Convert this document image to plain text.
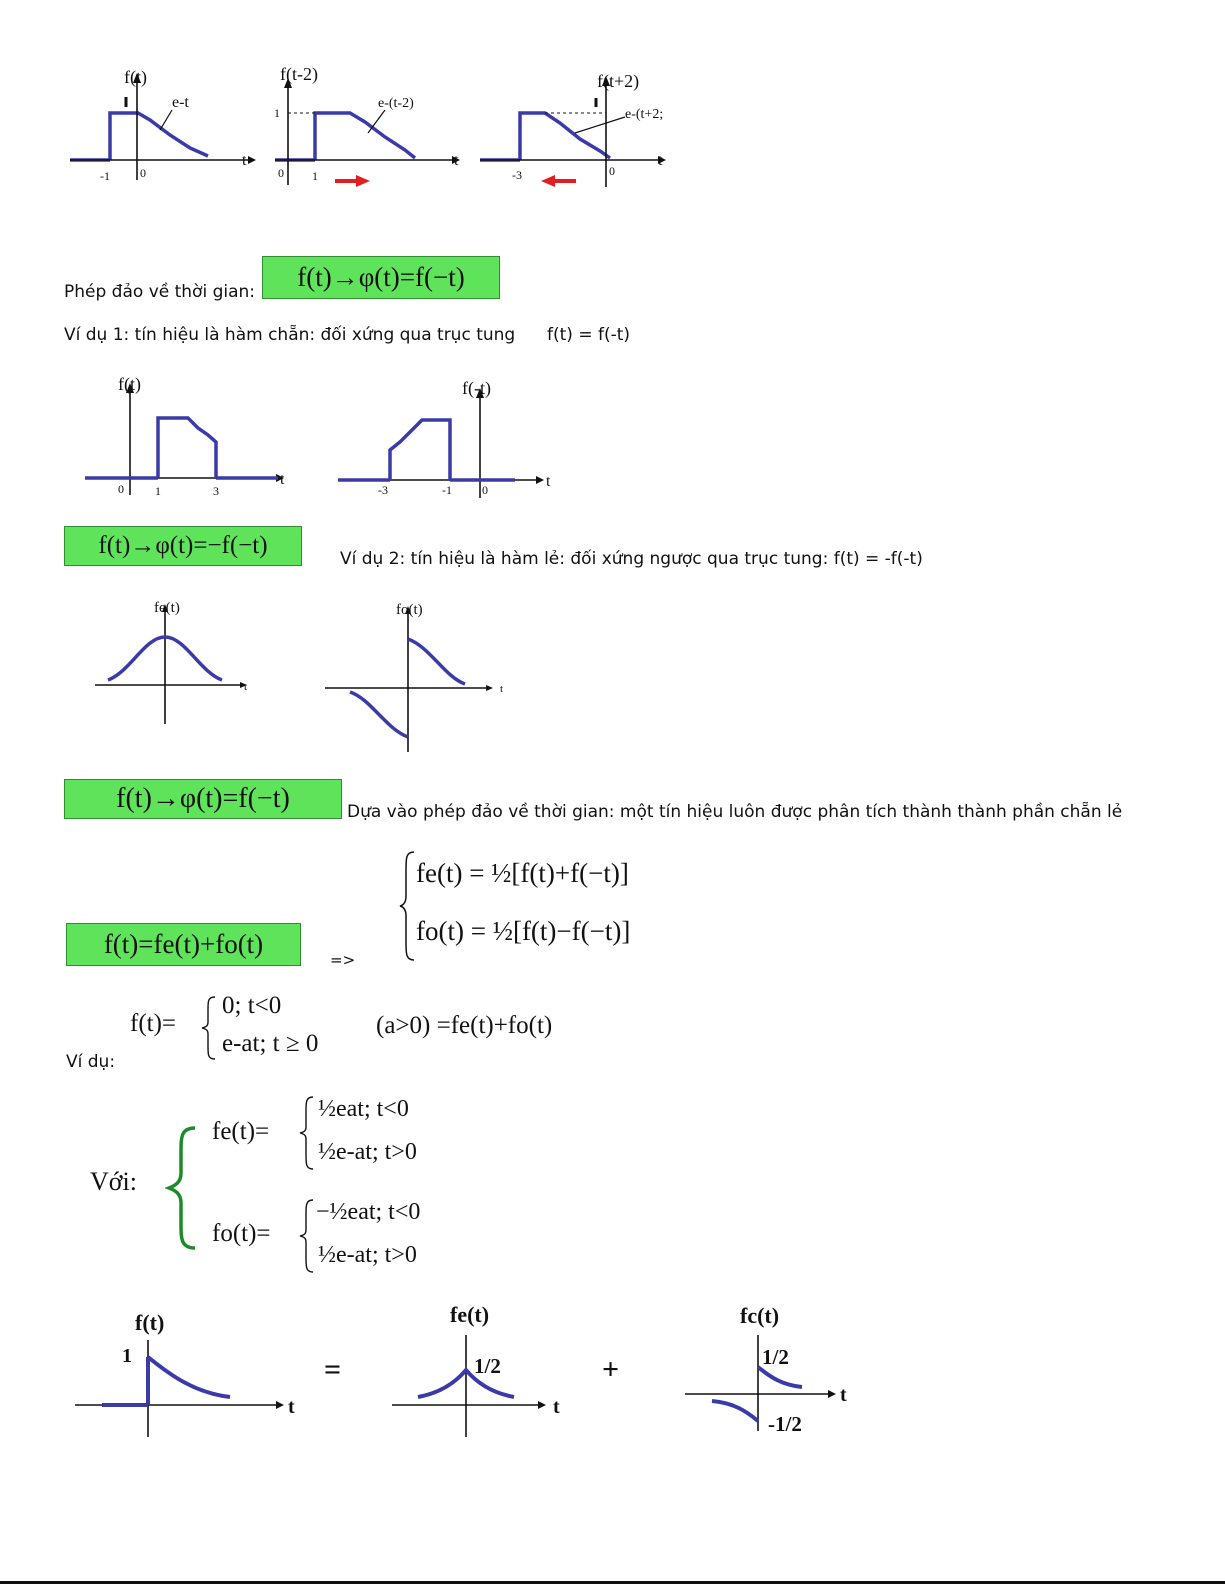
f(t)
e-t
-1	0
t
f(t-2)
e-(t-2)
1
0 1
t
f(t+2)
e-(t+2;
-3	0
t
Phép đảo về thời gian:	f(t)→φ(t)=f(−t)
Ví dụ 1: tín hiệu là hàm chẵn: đối xứng qua trục tung f(t) = f(-t)
f(t)
0	1	3
t
f(-t)
-3	-1	0	t
f(t)→φ(t)=−f(−t)	Ví dụ 2: tín hiệu là hàm lẻ: đối xứng ngược qua trục tung: f(t) = -f(-t)
fe(t)
t
fo(t)
t
f(t)→φ(t)=f(−t)	Dựa vào phép đảo về thời gian: một tín hiệu luôn được phân tích thành thành phần chẵn lẻ
fe(t) = ½[f(t)+f(−t)]
fo(t) = ½[f(t)−f(−t)]
f(t)=fe(t)+fo(t)
=>
f(t)=
0; t<0
e-at; t ≥ 0
(a>0) =fe(t)+fo(t)
Ví dụ:
Với:
fe(t)=
½eat; t<0
½e-at; t>0
fo(t)=
−½eat; t<0
½e-at; t>0
f(t)
1
t
=
fe(t)
1/2
t
+
fc(t)
1/2
-1/2
t
